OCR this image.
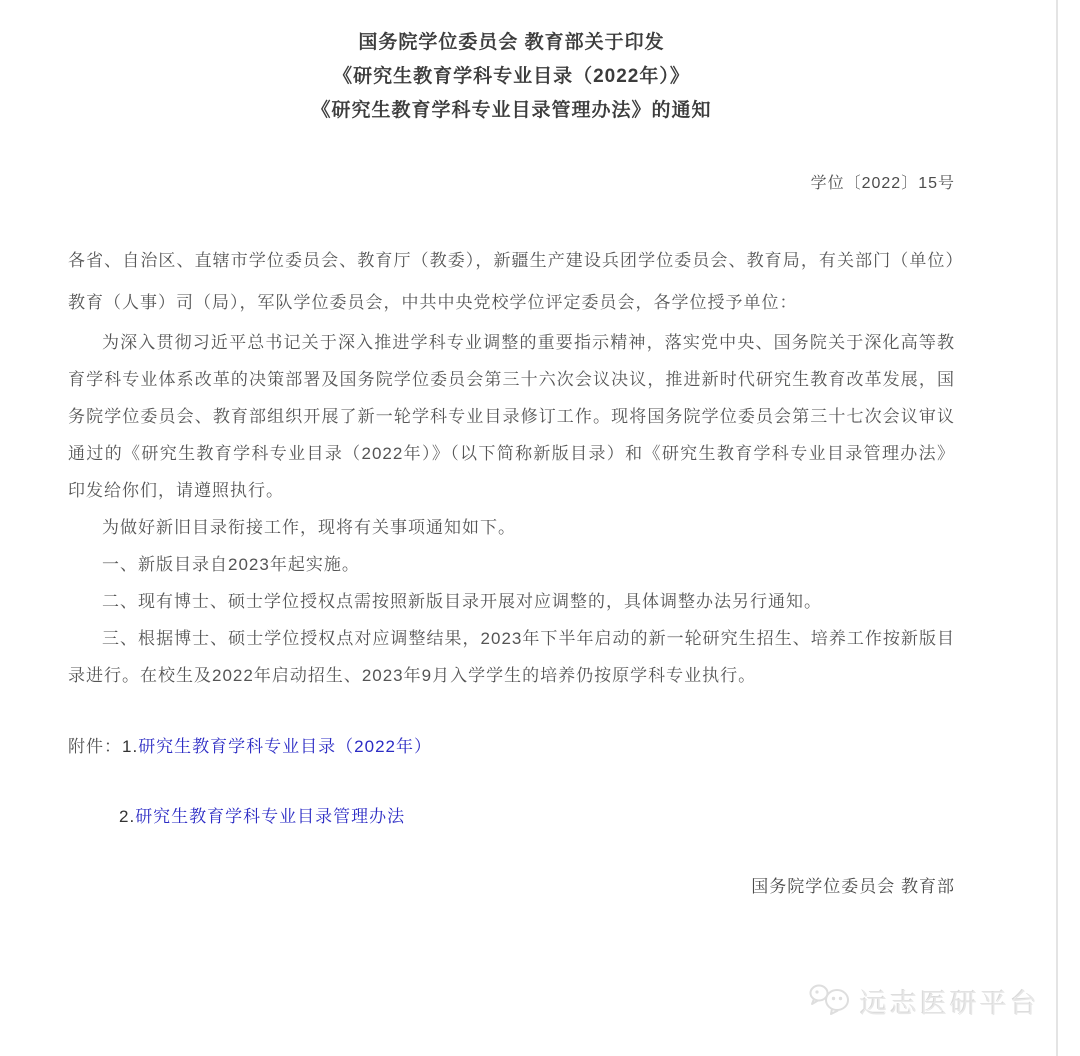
国务院学位委员会 教育部关于印发
《研究生教育学科专业目录（2022年）》
《研究生教育学科专业目录管理办法》的通知
学位〔2022〕15号

各省、自治区、直辖市学位委员会、教育厅（教委），新疆生产建设兵团学位委员会、教育局，有关部门（单位）教育（人事）司（局），军队学位委员会，中共中央党校学位评定委员会，各学位授予单位：

为深入贯彻习近平总书记关于深入推进学科专业调整的重要指示精神，落实党中央、国务院关于深化高等教育学科专业体系改革的决策部署及国务院学位委员会第三十六次会议决议，推进新时代研究生教育改革发展，国务院学位委员会、教育部组织开展了新一轮学科专业目录修订工作。现将国务院学位委员会第三十七次会议审议通过的《研究生教育学科专业目录（2022年）》（以下简称新版目录）和《研究生教育学科专业目录管理办法》印发给你们，请遵照执行。

为做好新旧目录衔接工作，现将有关事项通知如下。

一、新版目录自2023年起实施。

二、现有博士、硕士学位授权点需按照新版目录开展对应调整的，具体调整办法另行通知。

三、根据博士、硕士学位授权点对应调整结果，2023年下半年启动的新一轮研究生招生、培养工作按新版目录进行。在校生及2022年启动招生、2023年9月入学学生的培养仍按原学科专业执行。

附件：1.研究生教育学科专业目录（2022年）
2.研究生教育学科专业目录管理办法
国务院学位委员会 教育部
远志医研平台
